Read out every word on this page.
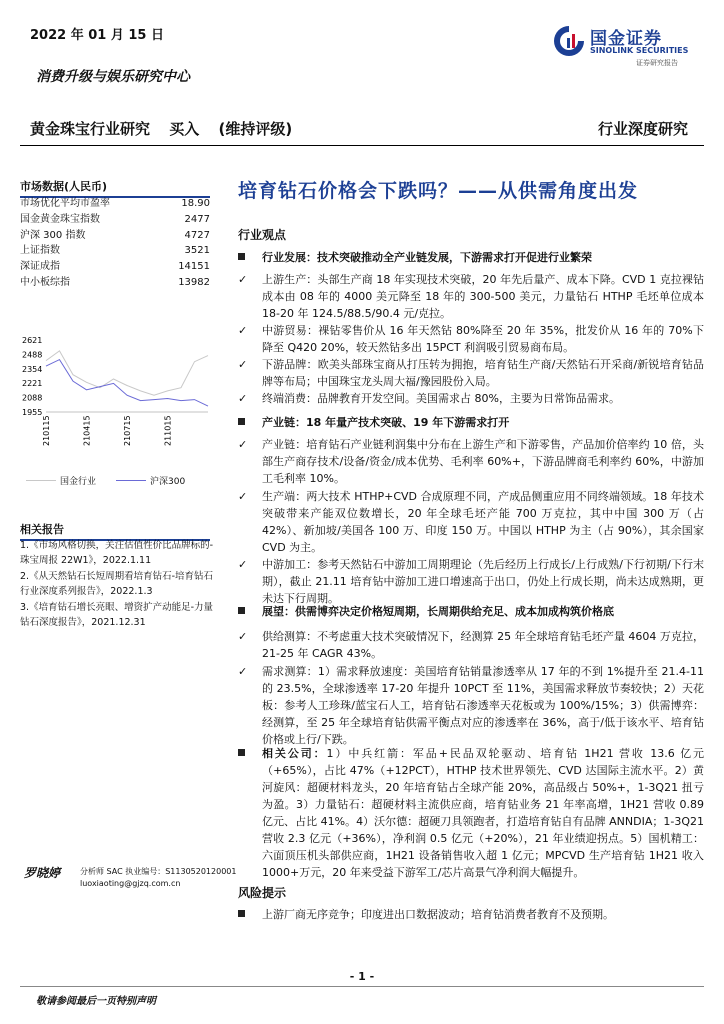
2022 年 01 月 15 日	国金证券
SINOLINK SECURITIES
证券研究报告
消费升级与娱乐研究中心
黄金珠宝行业研究 买入 (维持评级)	行业深度研究
市场数据(人民币)
市场优化平均市盈率	18.90
国金黄金珠宝指数	2477
沪深 300 指数	4727
上证指数	3521
深证成指	14151
中小板综指	13982
2621
2488
2354
2221
2088
1955
210115	210415	210715	211015
国金行业	沪深300
相关报告
1.《市场风格切换，关注估值性价比品牌标的-珠宝周报 22W1》，2022.1.11
2.《从天然钻石长短周期看培育钻石-培育钻石行业深度系列报告》，2022.1.3
3.《培育钻石增长亮眼、增资扩产动能足-力量钻石深度报告》，2021.12.31
罗晓婷 分析师 SAC 执业编号：S1130520120001
luoxiaoting@gjzq.com.cn
培育钻石价格会下跌吗？——从供需角度出发
行业观点
行业发展：技术突破推动全产业链发展，下游需求打开促进行业繁荣
✓	上游生产：头部生产商 18 年实现技术突破，20 年先后量产、成本下降。CVD 1 克拉裸钻成本由 08 年的 4000 美元降至 18 年的 300-500 美元，力量钻石 HTHP 毛坯单位成本 18-20 年 124.5/88.5/90.4 元/克拉。
✓	中游贸易：裸钻零售价从 16 年天然钻 80%降至 20 年 35%，批发价从 16 年的 70%下降至 Q420 20%，较天然钻多出 15PCT 利润吸引贸易商布局。
✓	下游品牌：欧美头部珠宝商从打压转为拥抱，培育钻生产商/天然钻石开采商/新锐培育钻品牌等布局；中国珠宝龙头周大福/豫园股份入局。
✓	终端消费：品牌教育开发空间。美国需求占 80%，主要为日常饰品需求。
产业链：18 年量产技术突破、19 年下游需求打开
✓	产业链：培育钻石产业链利润集中分布在上游生产和下游零售，产品加价倍率约 10 倍，头部生产商存技术/设备/资金/成本优势、毛利率 60%+，下游品牌商毛利率约 60%，中游加工毛利率 10%。
✓	生产端：两大技术 HTHP+CVD 合成原理不同，产成品侧重应用不同终端领域。18 年技术突破带来产能双位数增长，20 年全球毛坯产能 700 万克拉，其中中国 300 万（占 42%）、新加坡/美国各 100 万、印度 150 万。中国以 HTHP 为主（占 90%），其余国家 CVD 为主。
✓	中游加工：参考天然钻石中游加工周期理论（先后经历上行成长/上行成熟/下行初期/下行末期），截止 21.11 培育钻中游加工进口增速高于出口，仍处上行成长期，尚未达成熟期，更未达下行周期。
展望：供需博弈决定价格短周期，长周期供给充足、成本加成构筑价格底
✓	供给测算：不考虑重大技术突破情况下，经测算 25 年全球培育钻毛坯产量 4604 万克拉，21-25 年 CAGR 43%。
✓	需求测算：1）需求释放速度：美国培育钻销量渗透率从 17 年的不到 1%提升至 21.4-11 的 23.5%，全球渗透率 17-20 年提升 10PCT 至 11%，美国需求释放节奏较快；2）天花板：参考人工珍珠/蓝宝石人工，培育钻石渗透率天花板或为 100%/15%；3）供需博弈：经测算，至 25 年全球培育钻供需平衡点对应的渗透率在 36%，高于/低于该水平、培育钻价格或上行/下跌。
相关公司：1）中兵红箭：军品+民品双轮驱动、培育钻 1H21 营收 13.6 亿元（+65%），占比 47%（+12PCT），HTHP 技术世界领先、CVD 达国际主流水平。2）黄河旋风：超硬材料龙头，20 年培育钻占全球产能 20%，高品级占 50%+，1-3Q21 扭亏为盈。3）力量钻石：超硬材料主流供应商，培育钻业务 21 年率高增，1H21 营收 0.89 亿元、占比 41%。4）沃尔德：超硬刀具领跑者，打造培育钻自有品牌 ANNDIA；1-3Q21 营收 2.3 亿元（+36%），净利润 0.5 亿元（+20%），21 年业绩迎拐点。5）国机精工：六面顶压机头部供应商，1H21 设备销售收入超 1 亿元；MPCVD 生产培育钻 1H21 收入 1000+万元，20 年来受益下游军工/芯片高景气净利润大幅提升。
风险提示
上游厂商无序竞争；印度进出口数据波动；培育钻消费者教育不及预期。
- 1 -
敬请参阅最后一页特别声明
